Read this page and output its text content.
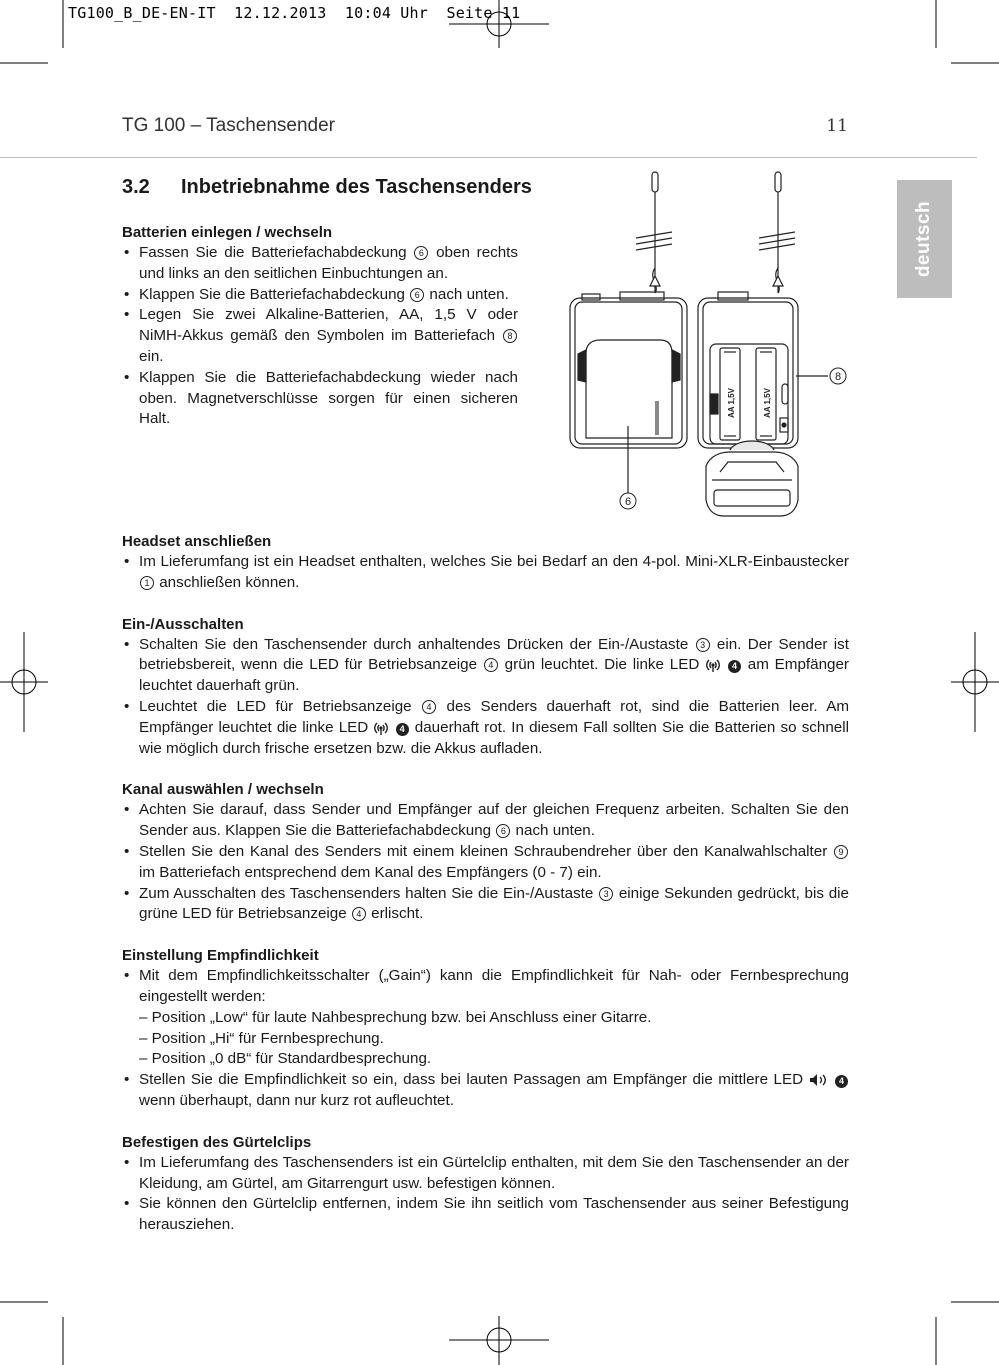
TG100_B_DE-EN-IT  12.12.2013  10:04 Uhr  Seite 11
TG 100 – Taschensender	11
deutsch
3.2 Inbetriebnahme des Taschensenders
Batterien einlegen / wechseln
• Fassen Sie die Batteriefachabdeckung 6 oben rechts und links an den seitlichen Einbuchtungen an.
• Klappen Sie die Batteriefachabdeckung 6 nach unten.
• Legen Sie zwei Alkaline-Batterien, AA, 1,5 V oder NiMH-Akkus gemäß den Symbolen im Batteriefach 8 ein.
• Klappen Sie die Batteriefachabdeckung wieder nach oben. Magnetverschlüsse sorgen für einen sicheren Halt.
AA 1,5V	AA 1,5V
8
6
Headset anschließen
• Im Lieferumfang ist ein Headset enthalten, welches Sie bei Bedarf an den 4-pol. Mini-XLR-Einbaustecker 1 anschließen können.
Ein-/Ausschalten
• Schalten Sie den Taschensender durch anhaltendes Drücken der Ein-/Austaste 3 ein. Der Sender ist betriebsbereit, wenn die LED für Betriebsanzeige 4 grün leuchtet. Die linke LED	4 am Empfänger leuchtet dauerhaft grün.
• Leuchtet die LED für Betriebsanzeige 4 des Senders dauerhaft rot, sind die Batterien leer. Am Empfänger leuchtet die linke LED	4 dauerhaft rot. In diesem Fall sollten Sie die Batterien so schnell wie möglich durch frische ersetzen bzw. die Akkus aufladen.
Kanal auswählen / wechseln
• Achten Sie darauf, dass Sender und Empfänger auf der gleichen Frequenz arbeiten. Schalten Sie den Sender aus. Klappen Sie die Batteriefachabdeckung 6 nach unten.
• Stellen Sie den Kanal des Senders mit einem kleinen Schraubendreher über den Kanalwahlschalter 9 im Batteriefach entsprechend dem Kanal des Empfängers (0 - 7) ein.
• Zum Ausschalten des Taschensenders halten Sie die Ein-/Austaste 3 einige Sekunden gedrückt, bis die grüne LED für Betriebsanzeige 4 erlischt.
Einstellung Empfindlichkeit
• Mit dem Empfindlichkeitsschalter („Gain“) kann die Empfindlichkeit für Nah- oder Fernbesprechung eingestellt werden:
– Position „Low“ für laute Nahbesprechung bzw. bei Anschluss einer Gitarre.
– Position „Hi“ für Fernbesprechung.
– Position „0 dB“ für Standardbesprechung.
• Stellen Sie die Empfindlichkeit so ein, dass bei lauten Passagen am Empfänger die mittlere LED	4 wenn überhaupt, dann nur kurz rot aufleuchtet.
Befestigen des Gürtelclips
• Im Lieferumfang des Taschensenders ist ein Gürtelclip enthalten, mit dem Sie den Taschensender an der Kleidung, am Gürtel, am Gitarrengurt usw. befestigen können.
• Sie können den Gürtelclip entfernen, indem Sie ihn seitlich vom Taschensender aus seiner Befestigung herausziehen.
